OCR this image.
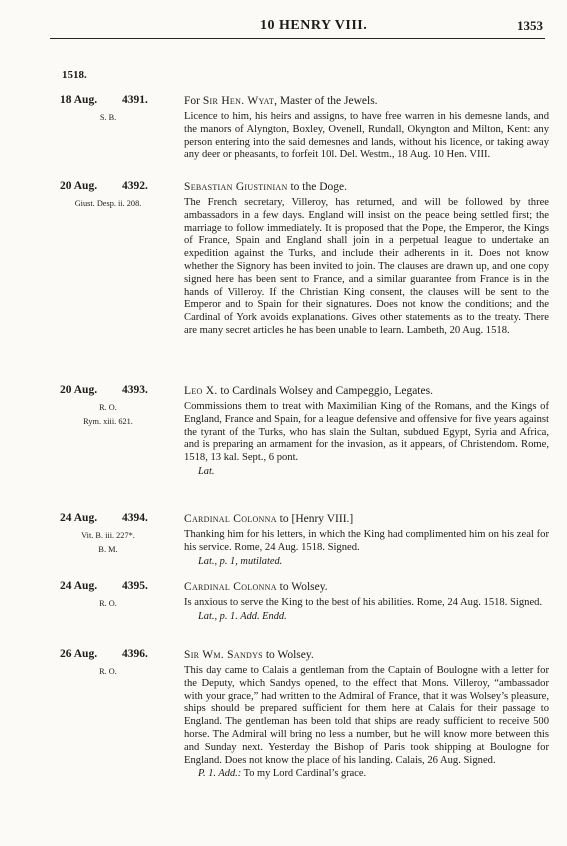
10 HENRY VIII.	1353
1518.
18 Aug. 4391.
S. B.
For Sir Hen. Wyat, Master of the Jewels.

Licence to him, his heirs and assigns, to have free warren in his demesne lands, and the manors of Alyngton, Boxley, Ovenell, Rundall, Okyngton and Milton, Kent: any person entering into the said demesnes and lands, without his licence, or taking away any deer or pheasants, to forfeit 10l. Del. Westm., 18 Aug. 10 Hen. VIII.

20 Aug. 4392.
Giust. Desp. ii. 208.
Sebastian Giustinian to the Doge.

The French secretary, Villeroy, has returned, and will be followed by three ambassadors in a few days. England will insist on the peace being settled first; the marriage to follow immediately. It is proposed that the Pope, the Emperor, the Kings of France, Spain and England shall join in a perpetual league to undertake an expedition against the Turks, and include their adherents in it. Does not know whether the Signory has been invited to join. The clauses are drawn up, and one copy signed here has been sent to France, and a similar guarantee from France is in the hands of Villeroy. If the Christian King consent, the clauses will be sent to the Emperor and to Spain for their signatures. Does not know the conditions; and the Cardinal of York avoids explanations. Gives other statements as to the treaty. There are many secret articles he has been unable to learn. Lambeth, 20 Aug. 1518.

20 Aug. 4393.
R. O.
Rym. xiii. 621.
Leo X. to Cardinals Wolsey and Campeggio, Legates.

Commissions them to treat with Maximilian King of the Romans, and the Kings of England, France and Spain, for a league defensive and offensive for five years against the tyrant of the Turks, who has slain the Sultan, subdued Egypt, Syria and Africa, and is preparing an armament for the invasion, as it appears, of Christendom. Rome, 1518, 13 kal. Sept., 6 pont.

Lat.
24 Aug. 4394.
Vit. B. iii. 227*.
B. M.
Cardinal Colonna to [Henry VIII.]

Thanking him for his letters, in which the King had complimented him on his zeal for his service. Rome, 24 Aug. 1518. Signed.

Lat., p. 1, mutilated.
24 Aug. 4395.
R. O.
Cardinal Colonna to Wolsey.

Is anxious to serve the King to the best of his abilities. Rome, 24 Aug. 1518. Signed.

Lat., p. 1. Add. Endd.
26 Aug. 4396.
R. O.
Sir Wm. Sandys to Wolsey.

This day came to Calais a gentleman from the Captain of Boulogne with a letter for the Deputy, which Sandys opened, to the effect that Mons. Villeroy, “ambassador with your grace,” had written to the Admiral of France, that it was Wolsey’s pleasure, ships should be prepared sufficient for them here at Calais for their passage to England. The gentleman has been told that ships are ready sufficient to receive 500 horse. The Admiral will bring no less a number, but he will know more between this and Sunday next. Yesterday the Bishop of Paris took shipping at Boulogne for England. Does not know the place of his landing. Calais, 26 Aug. Signed.

P. 1. Add.: To my Lord Cardinal’s grace.
